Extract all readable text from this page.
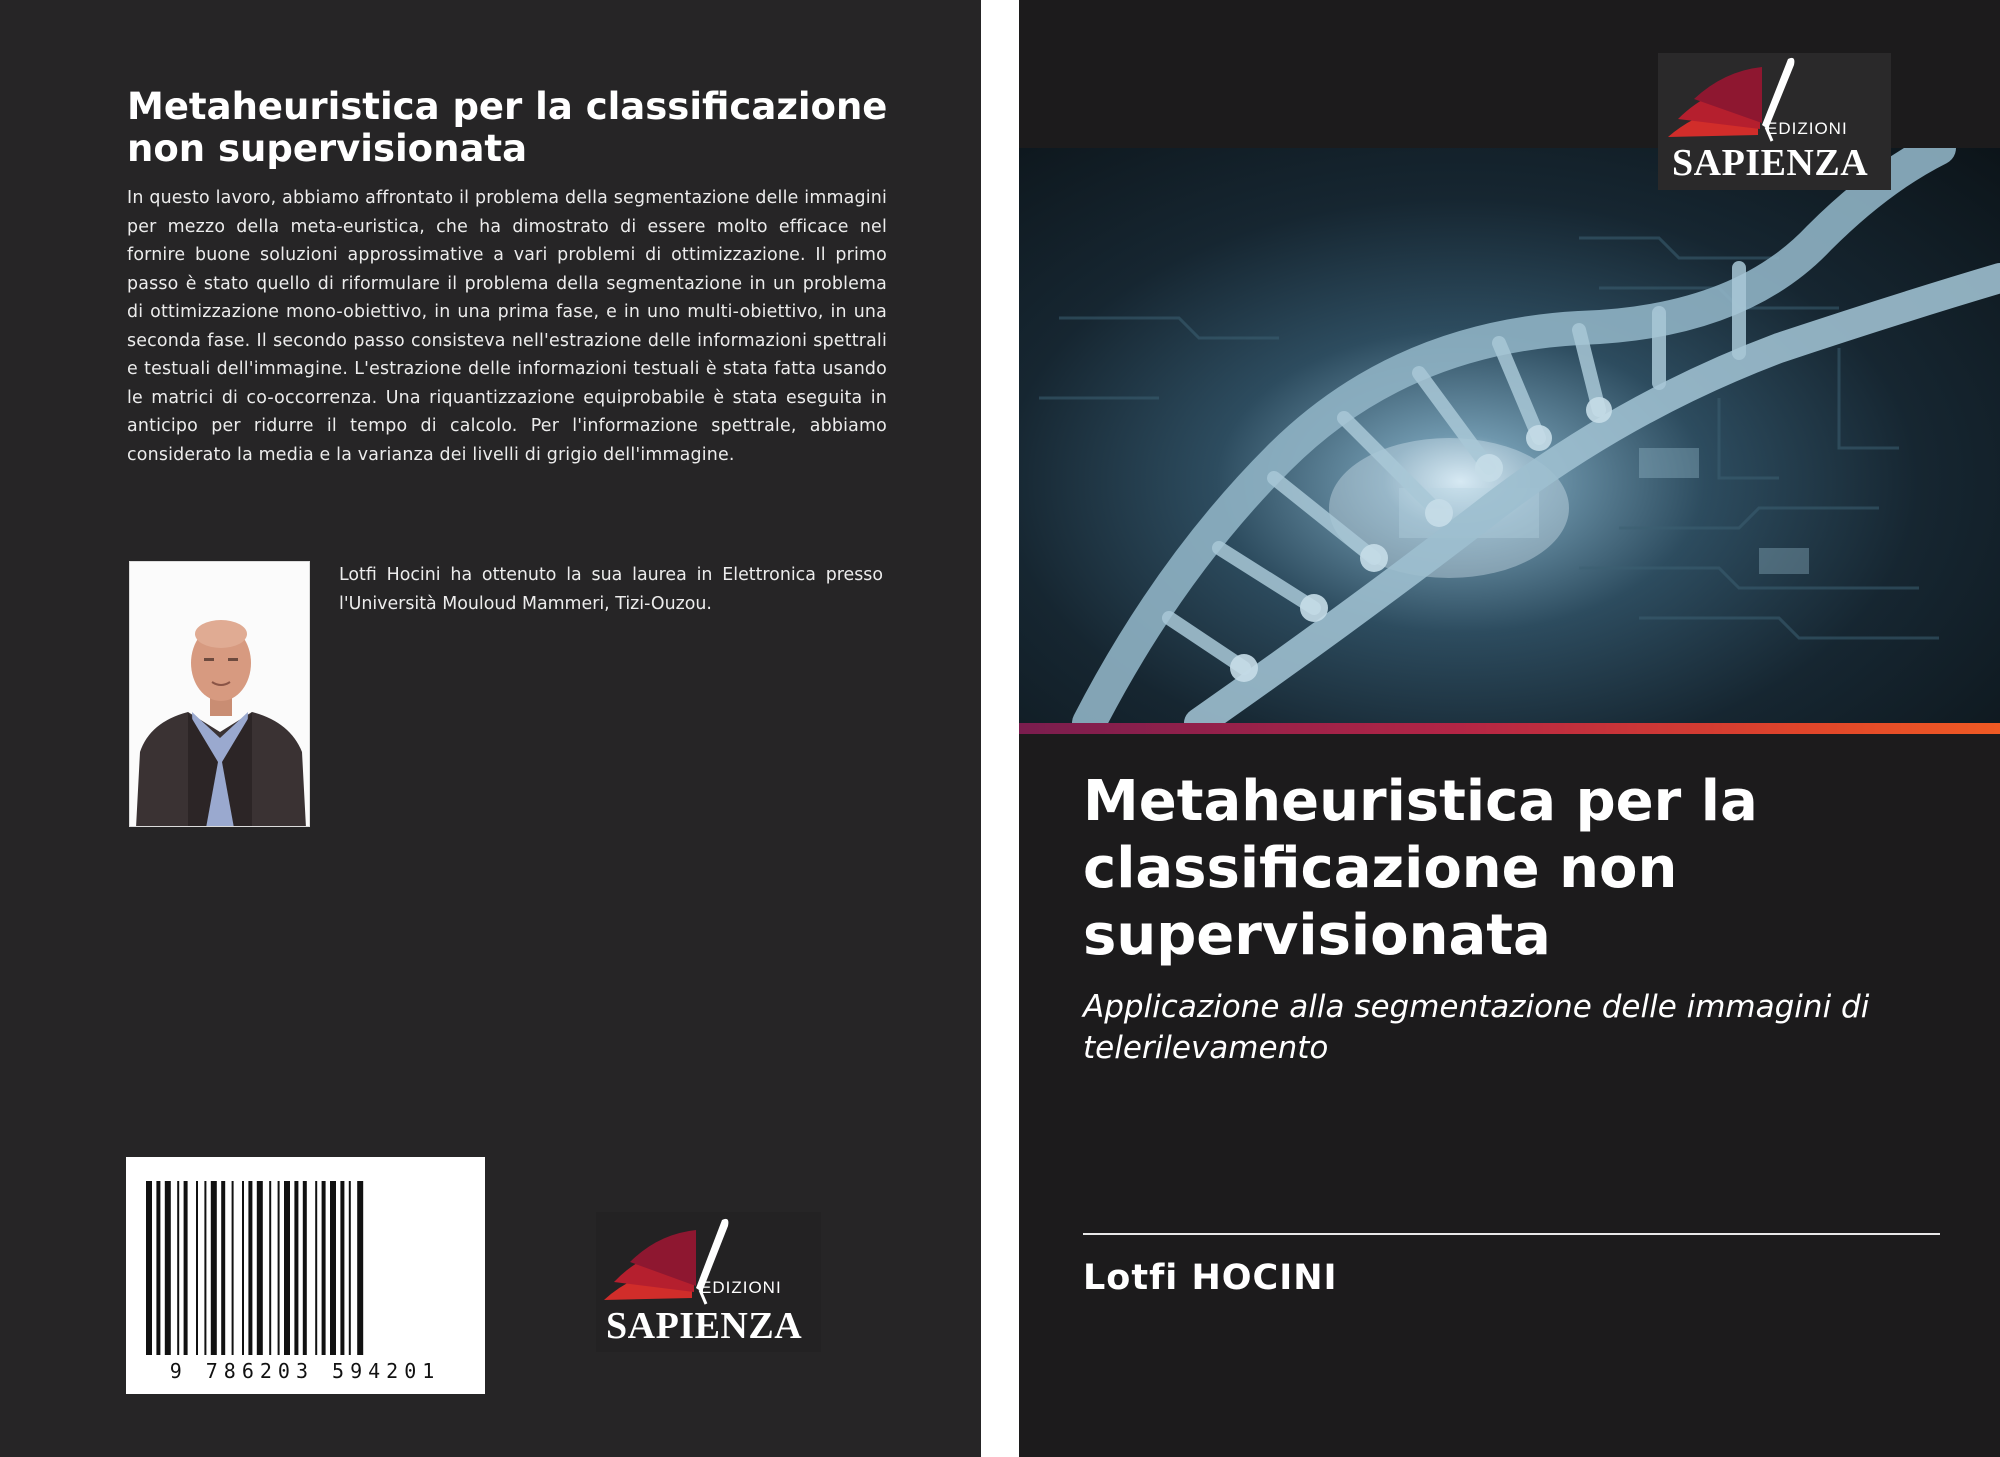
Metaheuristica per la classificazione non supervisionata

In questo lavoro, abbiamo affrontato il problema della segmentazione delle immagini per mezzo della meta-euristica, che ha dimostrato di essere molto efficace nel fornire buone soluzioni approssimative a vari problemi di ottimizzazione. Il primo passo è stato quello di riformulare il problema della segmentazione in un problema di ottimizzazione mono-obiettivo, in una prima fase, e in uno multi-obiettivo, in una seconda fase. Il secondo passo consisteva nell'estrazione delle informazioni spettrali e testuali dell'immagine. L'estrazione delle informazioni testuali è stata fatta usando le matrici di co-occorrenza. Una riquantizzazione equiprobabile è stata eseguita in anticipo per ridurre il tempo di calcolo. Per l'informazione spettrale, abbiamo considerato la media e la varianza dei livelli di grigio dell'immagine.

Lotfi Hocini ha ottenuto la sua laurea in Elettronica presso l'Università Mouloud Mammeri, Tizi-Ouzou.

9 786203 594201
EDIZIONI
SAPIENZA
Metaheuristica per la classificazione non supervisionata

Applicazione alla segmentazione delle immagini di telerilevamento

Lotfi HOCINI

EDIZIONI
SAPIENZA
